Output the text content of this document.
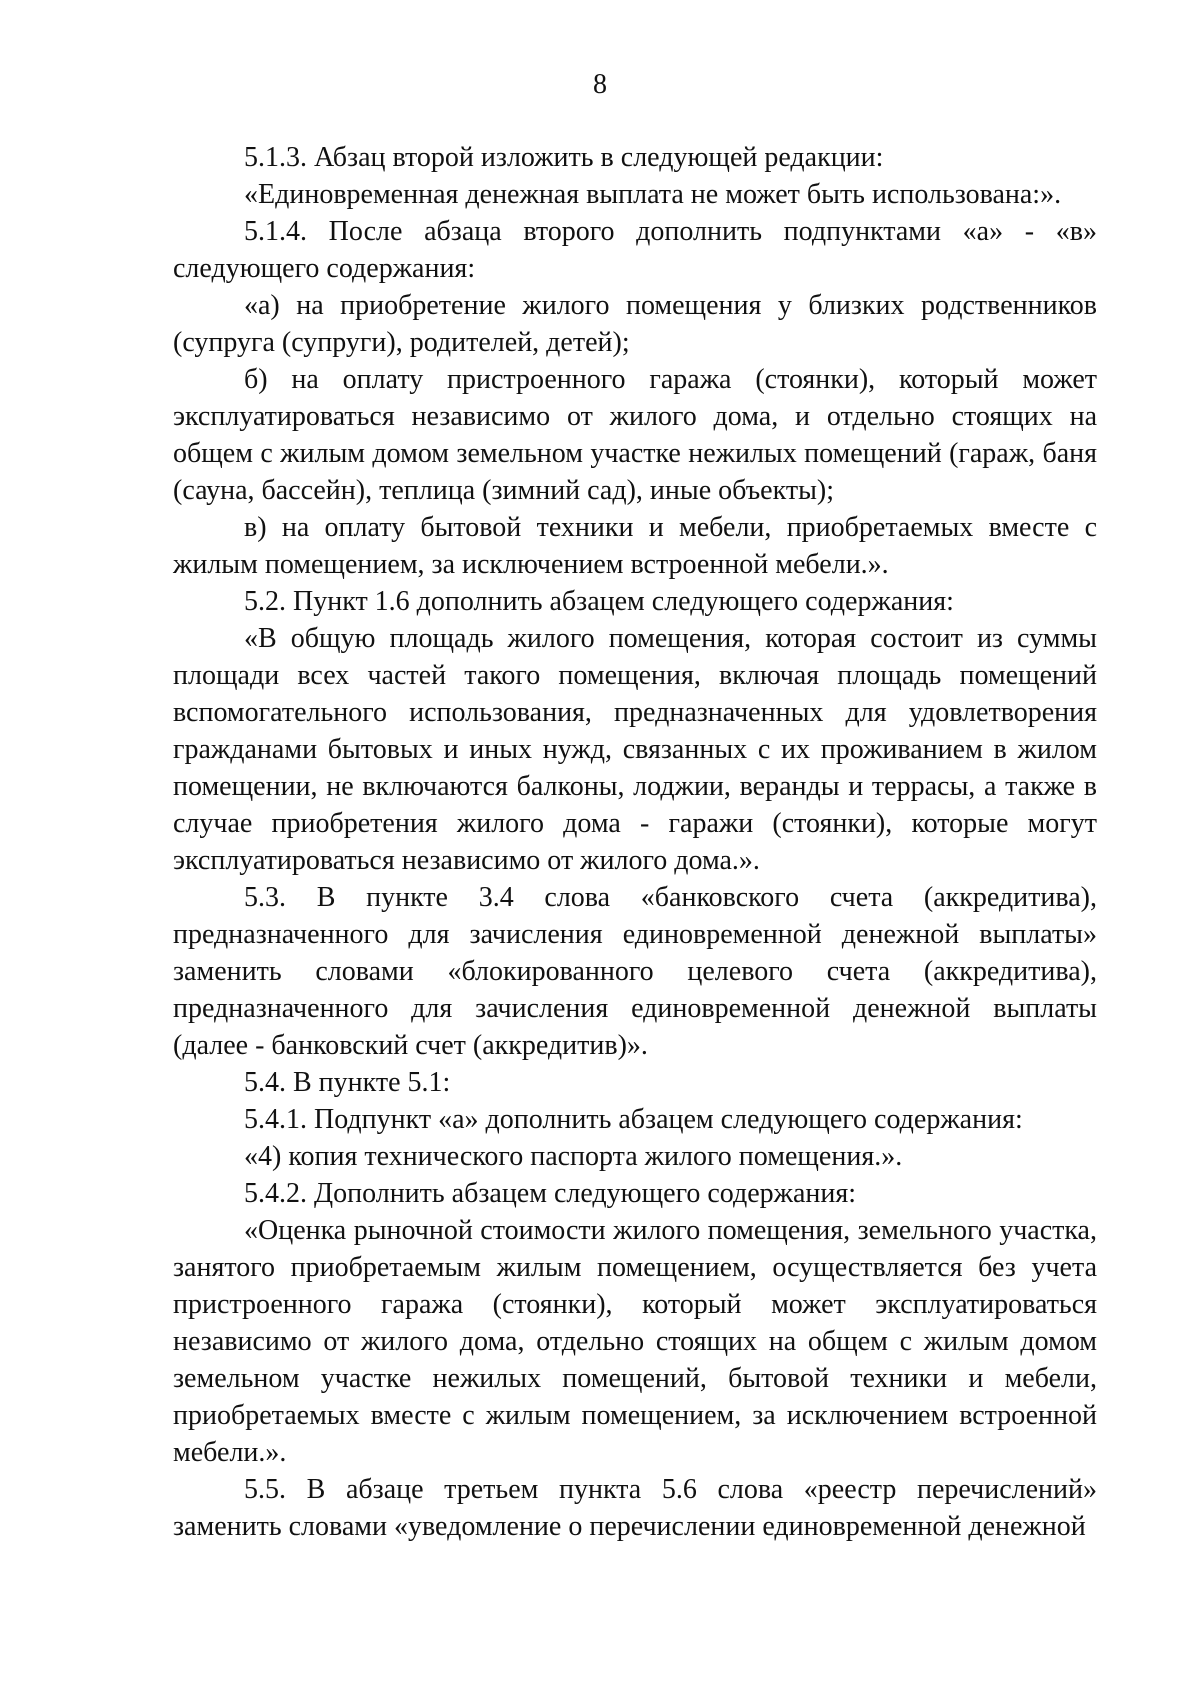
8

5.1.3. Абзац второй изложить в следующей редакции:

«Единовременная денежная выплата не может быть использована:».

5.1.4. После абзаца второго дополнить подпунктами «а» - «в» следующего содержания:

«а) на приобретение жилого помещения у близких родственников (супруга (супруги), родителей, детей);

б) на оплату пристроенного гаража (стоянки), который может эксплуатироваться независимо от жилого дома, и отдельно стоящих на общем с жилым домом земельном участке нежилых помещений (гараж, баня (сауна, бассейн), теплица (зимний сад), иные объекты);

в) на оплату бытовой техники и мебели, приобретаемых вместе с жилым помещением, за исключением встроенной мебели.».

5.2. Пункт 1.6 дополнить абзацем следующего содержания:

«В общую площадь жилого помещения, которая состоит из суммы площади всех частей такого помещения, включая площадь помещений вспомогательного использования, предназначенных для удовлетворения гражданами бытовых и иных нужд, связанных с их проживанием в жилом помещении, не включаются балконы, лоджии, веранды и террасы, а также в случае приобретения жилого дома - гаражи (стоянки), которые могут эксплуатироваться независимо от жилого дома.».

5.3. В пункте 3.4 слова «банковского счета (аккредитива), предназначенного для зачисления единовременной денежной выплаты» заменить словами «блокированного целевого счета (аккредитива), предназначенного для зачисления единовременной денежной выплаты (далее - банковский счет (аккредитив)».

5.4. В пункте 5.1:

5.4.1. Подпункт «а» дополнить абзацем следующего содержания:

«4) копия технического паспорта жилого помещения.».

5.4.2. Дополнить абзацем следующего содержания:

«Оценка рыночной стоимости жилого помещения, земельного участка, занятого приобретаемым жилым помещением, осуществляется без учета пристроенного гаража (стоянки), который может эксплуатироваться независимо от жилого дома, отдельно стоящих на общем с жилым домом земельном участке нежилых помещений, бытовой техники и мебели, приобретаемых вместе с жилым помещением, за исключением встроенной мебели.».

5.5. В абзаце третьем пункта 5.6 слова «реестр перечислений» заменить словами «уведомление о перечислении единовременной денежной
